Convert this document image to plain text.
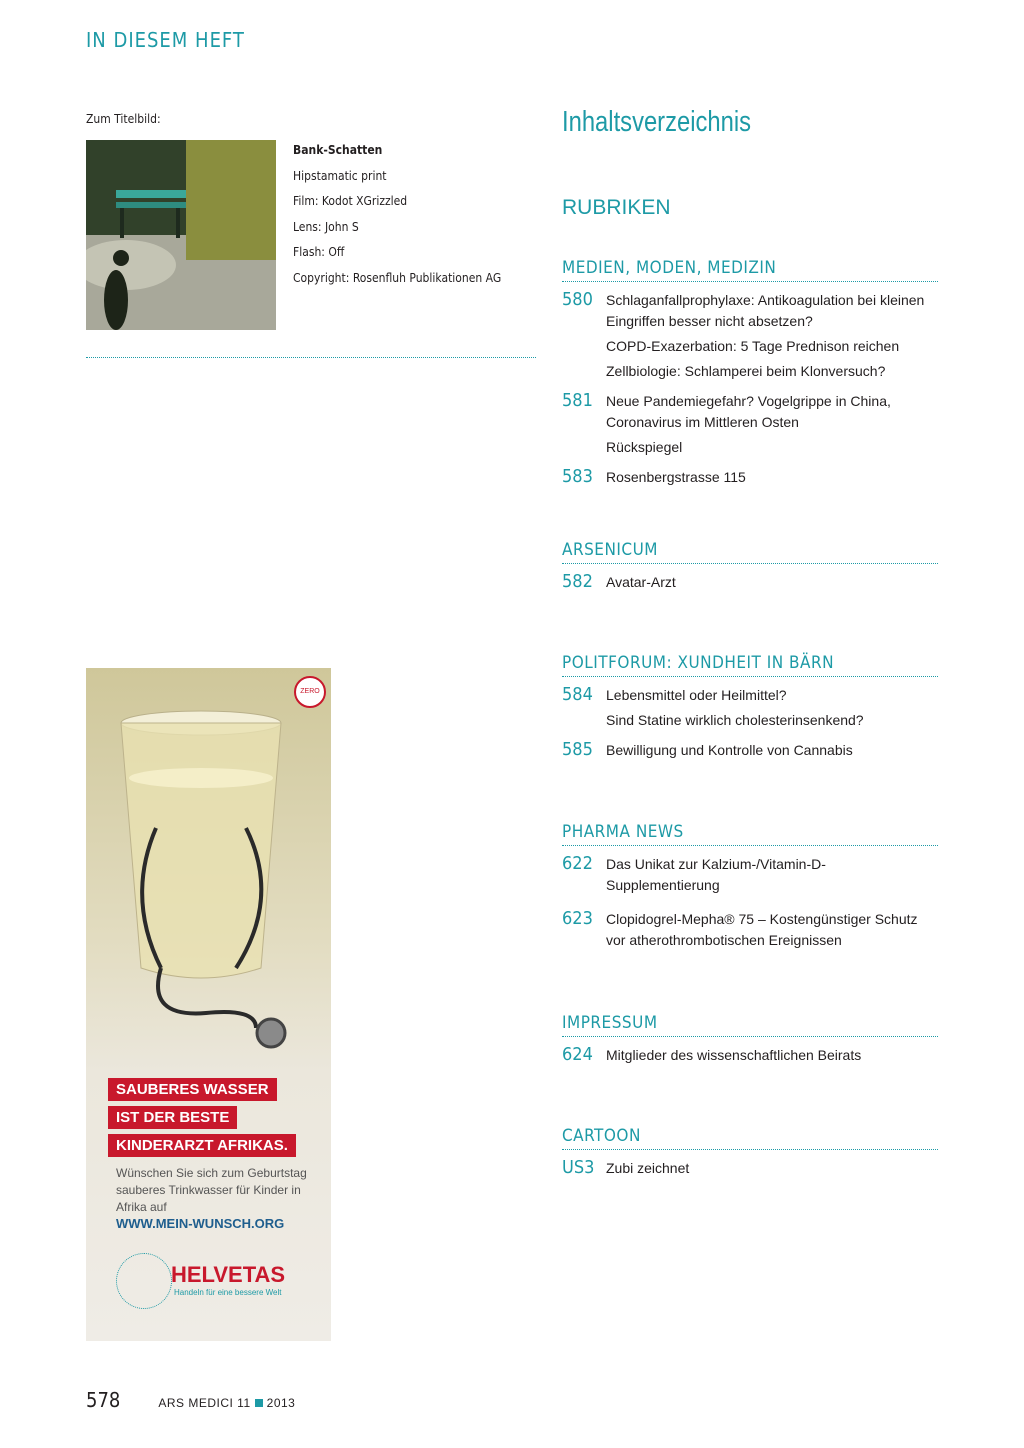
IN DIESEM HEFT
Zum Titelbild:
Bank-Schatten
Hipstamatic print
Film: Kodot XGrizzled
Lens: John S
Flash: Off
Copyright: Rosenfluh Publikationen AG
Inhaltsverzeichnis
RUBRIKEN
MEDIEN, MODEN, MEDIZIN
580 Schlaganfallprophylaxe: Antikoagulation bei kleinen Eingriffen besser nicht absetzen?
COPD-Exazerbation: 5 Tage Prednison reichen
Zellbiologie: Schlamperei beim Klonversuch?
581 Neue Pandemiegefahr? Vogelgrippe in China, Coronavirus im Mittleren Osten
Rückspiegel
583 Rosenbergstrasse 115
ARSENICUM
582 Avatar-Arzt
POLITFORUM: XUNDHEIT IN BÄRN
584 Lebensmittel oder Heilmittel?
Sind Statine wirklich cholesterinsenkend?
585 Bewilligung und Kontrolle von Cannabis
PHARMA NEWS
622 Das Unikat zur Kalzium-/Vitamin-D-Supplementierung
623 Clopidogrel-Mepha® 75 – Kostengünstiger Schutz vor atherothrombotischen Ereignissen
IMPRESSUM
624 Mitglieder des wissenschaftlichen Beirats
CARTOON
US3 Zubi zeichnet
ZERO
SAUBERES WASSER
IST DER BESTE
KINDERARZT AFRIKAS.
Wünschen Sie sich zum Geburtstag sauberes Trinkwasser für Kinder in Afrika auf
WWW.MEIN-WUNSCH.ORG
HELVETAS
Handeln für eine bessere Welt
578	ARS MEDICI 11 2013
